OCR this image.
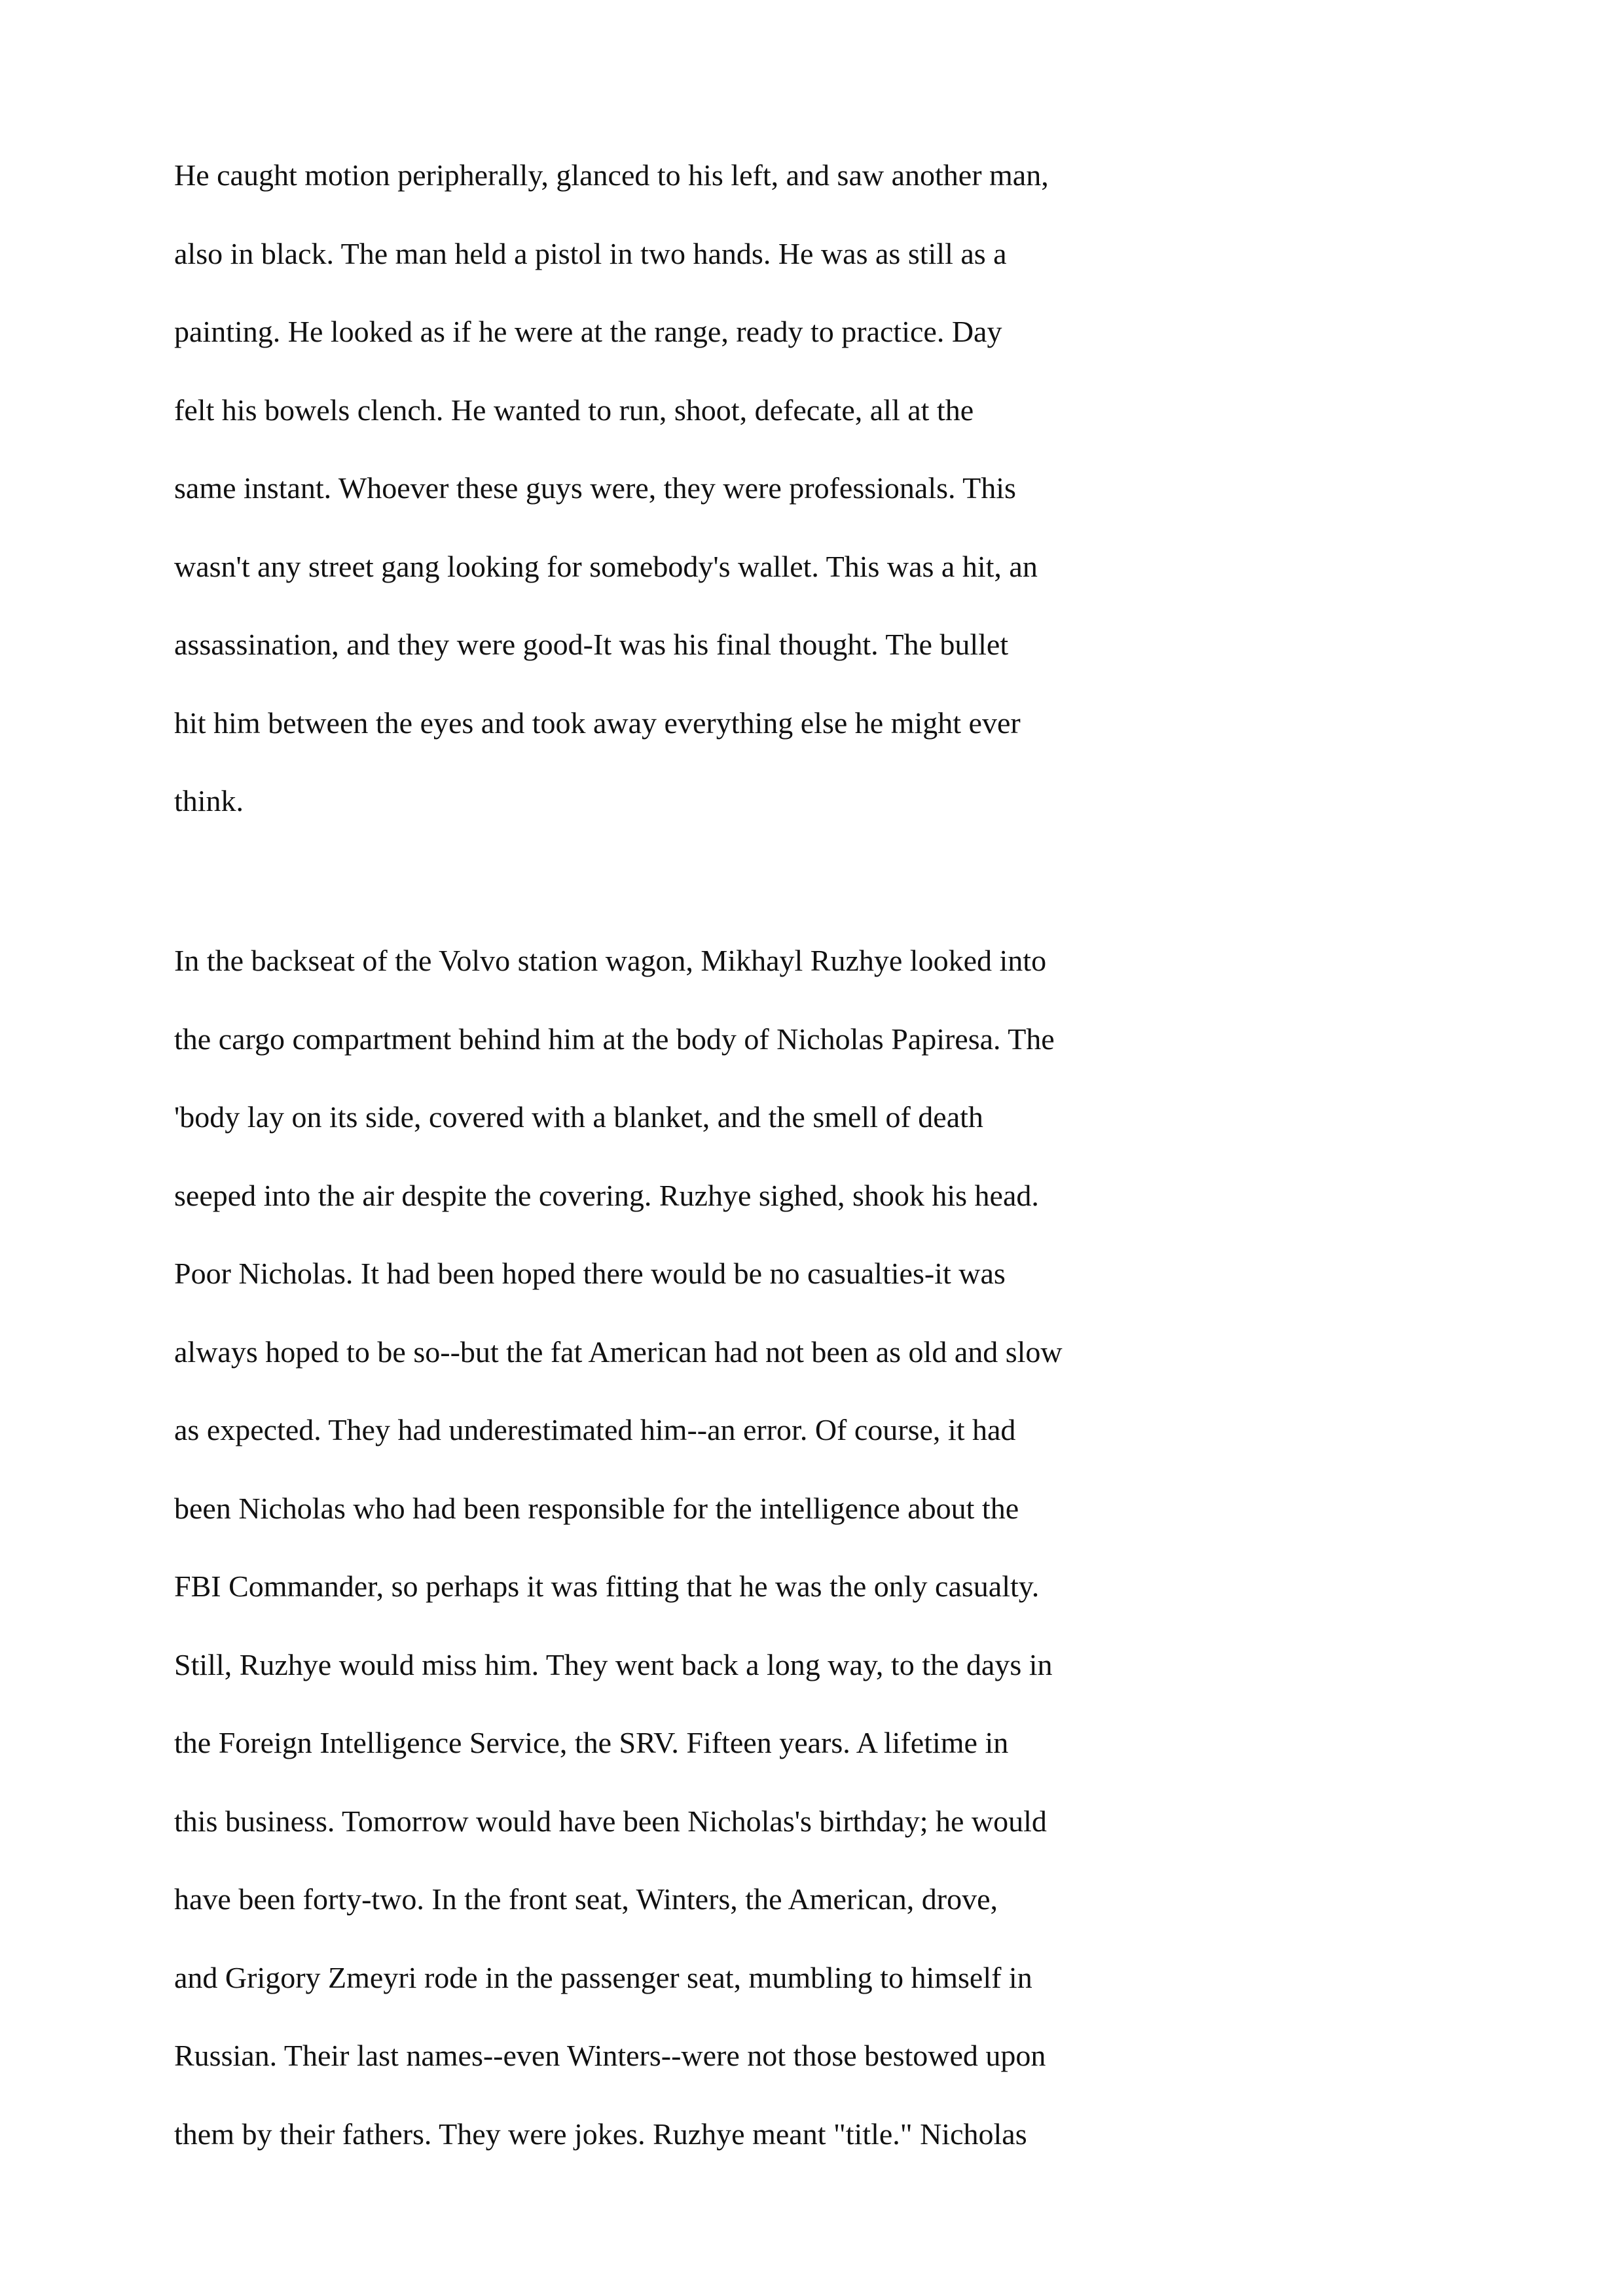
He caught motion peripherally, glanced to his left, and saw another man,
also in black. The man held a pistol in two hands. He was as still as a
painting. He looked as if he were at the range, ready to practice. Day
felt his bowels clench. He wanted to run, shoot, defecate, all at the
same instant. Whoever these guys were, they were professionals. This
wasn't any street gang looking for somebody's wallet. This was a hit, an
assassination, and they were good-It was his final thought. The bullet
hit him between the eyes and took away everything else he might ever
think.
In the backseat of the Volvo station wagon, Mikhayl Ruzhye looked into
the cargo compartment behind him at the body of Nicholas Papiresa. The
'body lay on its side, covered with a blanket, and the smell of death
seeped into the air despite the covering. Ruzhye sighed, shook his head.
Poor Nicholas. It had been hoped there would be no casualties-it was
always hoped to be so--but the fat American had not been as old and slow
as expected. They had underestimated him--an error. Of course, it had
been Nicholas who had been responsible for the intelligence about the
FBI Commander, so perhaps it was fitting that he was the only casualty.
Still, Ruzhye would miss him. They went back a long way, to the days in
the Foreign Intelligence Service, the SRV. Fifteen years. A lifetime in
this business. Tomorrow would have been Nicholas's birthday; he would
have been forty-two. In the front seat, Winters, the American, drove,
and Grigory Zmeyri rode in the passenger seat, mumbling to himself in
Russian. Their last names--even Winters--were not those bestowed upon
them by their fathers. They were jokes. Ruzhye meant "title." Nicholas
